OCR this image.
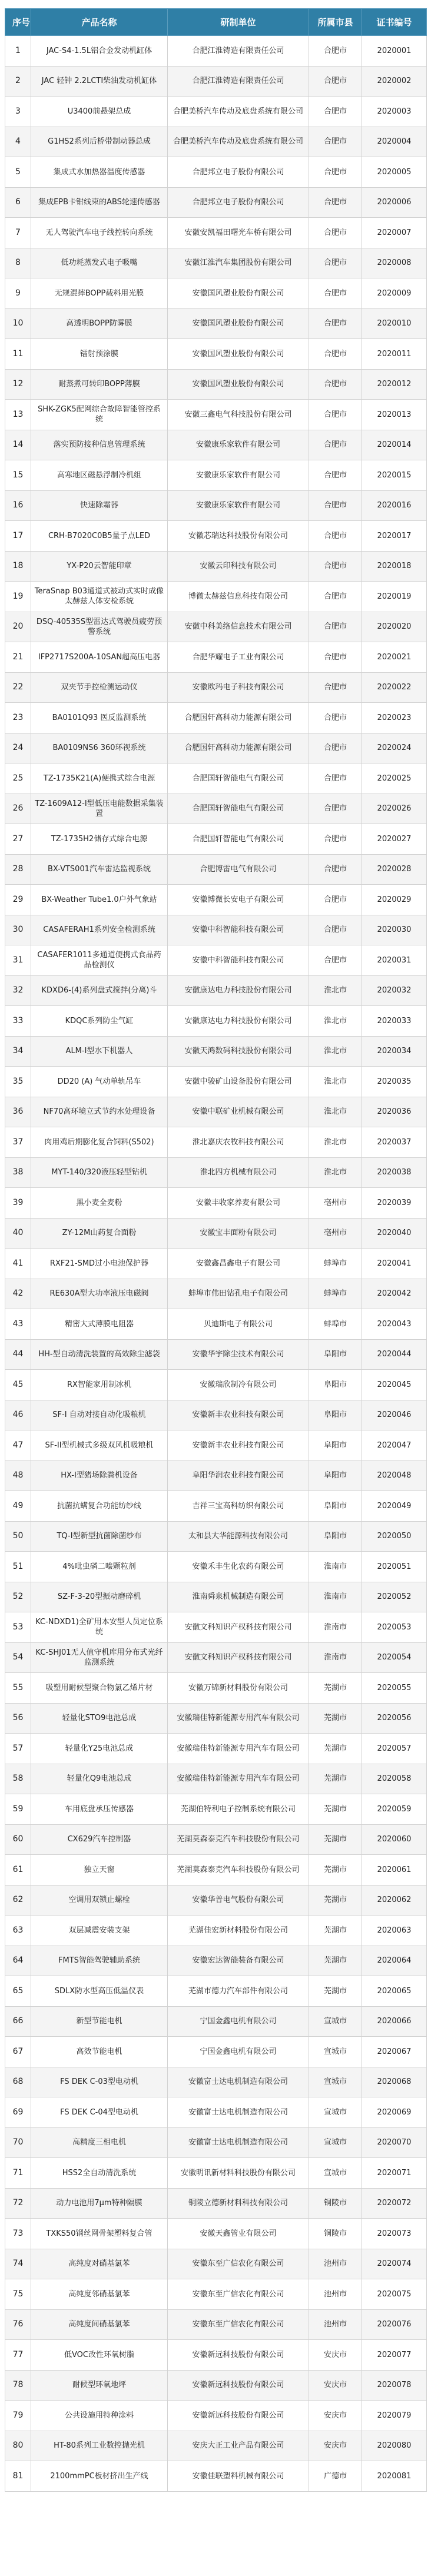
序号	产品名称	研制单位	所属市县	证书编号
1	JAC-S4-1.5L铝合金发动机缸体	合肥江淮铸造有限责任公司	合肥市	2020001
2	JAC 轻钟 2.2LCTI柴油发动机缸体	合肥江淮铸造有限责任公司	合肥市	2020002
3	U3400前悬架总成	合肥美桥汽车传动及底盘系统有限公司	合肥市	2020003
4	G1HS2系列后桥带制动器总成	合肥美桥汽车传动及底盘系统有限公司	合肥市	2020004
5	集成式水加热器温度传感器	合肥邦立电子股份有限公司	合肥市	2020005
6	集成EPB卡钳线束的ABS轮速传感器	合肥邦立电子股份有限公司	合肥市	2020006
7	无人驾驶汽车电子线控转向系统	安徽安凯福田曙光车桥有限公司	合肥市	2020007
8	低功耗蒸发式电子吸嘴	安徽江淮汽车集团股份有限公司	合肥市	2020008
9	无规混摔BOPP载料用光膜	安徽国风塑业股份有限公司	合肥市	2020009
10	高透明BOPP防雾膜	安徽国风塑业股份有限公司	合肥市	2020010
11	镭射预涂膜	安徽国风塑业股份有限公司	合肥市	2020011
12	耐蒸煮可转印BOPP薄膜	安徽国风塑业股份有限公司	合肥市	2020012
13	SHK-ZGK5配网综合故障智能管控系统	安徽三鑫电气科技股份有限公司	合肥市	2020013
14	落实预防接种信息管理系统	安徽康乐家软件有限公司	合肥市	2020014
15	高寒地区磁悬浮制冷机组	安徽康乐家软件有限公司	合肥市	2020015
16	快速除霜器	安徽康乐家软件有限公司	合肥市	2020016
17	CRH-B7020C0B5量子点LED	安徽芯瑞达科技股份有限公司	合肥市	2020017
18	YX-P20云智能印章	安徽云印科技有限公司	合肥市	2020018
19	TeraSnap B03通道式被动式实时成像太赫兹人体安检系统	博微太赫兹信息科技有限公司	合肥市	2020019
20	DSQ-40535S型雷达式驾驶员疲劳预警系统	安徽中科美络信息技术有限公司	合肥市	2020020
21	IFP2717S200A-10SAN超高压电器	合肥华耀电子工业有限公司	合肥市	2020021
22	双夹节手控检测运动仪	安徽欧玛电子科技有限公司	合肥市	2020022
23	BA0101Q93 医反监测系统	合肥国轩高科动力能源有限公司	合肥市	2020023
24	BA0109NS6 360环视系统	合肥国轩高科动力能源有限公司	合肥市	2020024
25	TZ-1735K21(A)便携式综合电源	合肥国轩智能电气有限公司	合肥市	2020025
26	TZ-1609A12-I型低压电能数据采集装置	合肥国轩智能电气有限公司	合肥市	2020026
27	TZ-1735H2储存式综合电源	合肥国轩智能电气有限公司	合肥市	2020027
28	BX-VTS001汽车雷达监视系统	合肥博雷电气有限公司	合肥市	2020028
29	BX-Weather Tube1.0户外气象站	安徽博微长安电子有限公司	合肥市	2020029
30	CASAFERAH1系列安全检测系统	安徽中科智能科技有限公司	合肥市	2020030
31	CASAFER1011多通道便携式食品药品检测仪	安徽中科智能科技有限公司	合肥市	2020031
32	KDXD6-(4)系列盘式搅拌(分离)斗	安徽康达电力科技股份有限公司	淮北市	2020032
33	KDQC系列防尘气缸	安徽康达电力科技股份有限公司	淮北市	2020033
34	ALM-I型水下机器人	安徽天鸿数码科技股份有限公司	淮北市	2020034
35	DD20 (A) 气动单轨吊车	安徽中骏矿山设备股份有限公司	淮北市	2020035
36	NF70高环境立式节约水处理设备	安徽中联矿业机械有限公司	淮北市	2020036
37	肉用鸡后期膨化复合饲料(S502)	淮北嘉庆农牧科技有限公司	淮北市	2020037
38	MYT-140/320液压轻型钻机	淮北四方机械有限公司	淮北市	2020038
39	黑小麦全麦粉	安徽丰收家养麦有限公司	亳州市	2020039
40	ZY-12M山药复合面粉	安徽宝丰面粉有限公司	亳州市	2020040
41	RXF21-SMD过小电池保护器	安徽鑫昌鑫电子有限公司	蚌埠市	2020041
42	RE630A型大功率液压电磁阀	蚌埠市伟田钻孔电子有限公司	蚌埠市	2020042
43	精密大式薄膜电阻器	贝迪斯电子有限公司	蚌埠市	2020043
44	HH-型自动清洗装置的高效除尘滤袋	安徽华宇除尘技术有限公司	阜阳市	2020044
45	RX智能家用制冰机	安徽瑞欣制冷有限公司	阜阳市	2020045
46	SF-Ⅰ 自动对接自动化吸粮机	安徽新丰农业科技有限公司	阜阳市	2020046
47	SF-II型机械式多级双风机吸粮机	安徽新丰农业科技有限公司	阜阳市	2020047
48	HX-Ⅰ型猪场除粪机设备	阜阳华润农业科技有限公司	阜阳市	2020048
49	抗菌抗螨复合功能纺纱线	吉祥三宝高科纺织有限公司	阜阳市	2020049
50	TQ-Ⅰ型新型抗菌除菌纱布	太和县大华能源科技有限公司	阜阳市	2020050
51	4%吡虫磷二嗪颗粒剂	安徽禾丰生化农药有限公司	淮南市	2020051
52	SZ-F-3-20型振动磨碎机	淮南舜泉机械制造有限公司	淮南市	2020052
53	KC-NDXD1)全矿用本安型人员定位系统	安徽文科知识产权科技有限公司	淮南市	2020053
54	KC-SHJ01无人值守机库用分布式光纤监测系统	安徽文科知识产权科技有限公司	淮南市	2020054
55	吸塑用耐候型聚合物氯乙烯片材	安徽万锦新材料股份有限公司	芜湖市	2020055
56	轻量化STO9电池总成	安徽瑞佳特新能源专用汽车有限公司	芜湖市	2020056
57	轻量化Y25电池总成	安徽瑞佳特新能源专用汽车有限公司	芜湖市	2020057
58	轻量化Q9电池总成	安徽瑞佳特新能源专用汽车有限公司	芜湖市	2020058
59	车用底盘承压传感器	芜湖伯特利电子控制系统有限公司	芜湖市	2020059
60	CX629汽车控制器	芜湖莫森泰克汽车科技股份有限公司	芜湖市	2020060
61	独立天窗	芜湖莫森泰克汽车科技股份有限公司	芜湖市	2020061
62	空调用双锁止螺栓	安徽华普电气股份有限公司	芜湖市	2020062
63	双层减震安装支架	芜湖佳宏新材料股份有限公司	芜湖市	2020063
64	FMTS智能驾驶辅助系统	安徽宏达智能装备有限公司	芜湖市	2020064
65	SDLX防水型高压低温仪表	芜湖市德力汽车部件有限公司	芜湖市	2020065
66	新型节能电机	宁国金鑫电机有限公司	宣城市	2020066
67	高效节能电机	宁国金鑫电机有限公司	宣城市	2020067
68	FS DEK C-03型电动机	安徽富士达电机制造有限公司	宣城市	2020068
69	FS DEK C-04型电动机	安徽富士达电机制造有限公司	宣城市	2020069
70	高精度三相电机	安徽富士达电机制造有限公司	宣城市	2020070
71	HSS2全自动清洗系统	安徽明讯新材料科技股份有限公司	宣城市	2020071
72	动力电池用7μm特种隔膜	铜陵立德新材料科技有限公司	铜陵市	2020072
73	TXKS50钢丝网骨架塑料复合管	安徽天鑫管业有限公司	铜陵市	2020073
74	高纯度对硝基氯苯	安徽东至广信农化有限公司	池州市	2020074
75	高纯度邻硝基氯苯	安徽东至广信农化有限公司	池州市	2020075
76	高纯度间硝基氯苯	安徽东至广信农化有限公司	池州市	2020076
77	低VOC改性环氧树脂	安徽新远科技股份有限公司	安庆市	2020077
78	耐候型环氧地坪	安徽新远科技股份有限公司	安庆市	2020078
79	公共设施用特种涂料	安徽新远科技股份有限公司	安庆市	2020079
80	HT-80系列工业数控抛光机	安庆大正工业产品有限公司	安庆市	2020080
81	2100mmPC板材挤出生产线	安徽佳联塑料机械有限公司	广德市	2020081
